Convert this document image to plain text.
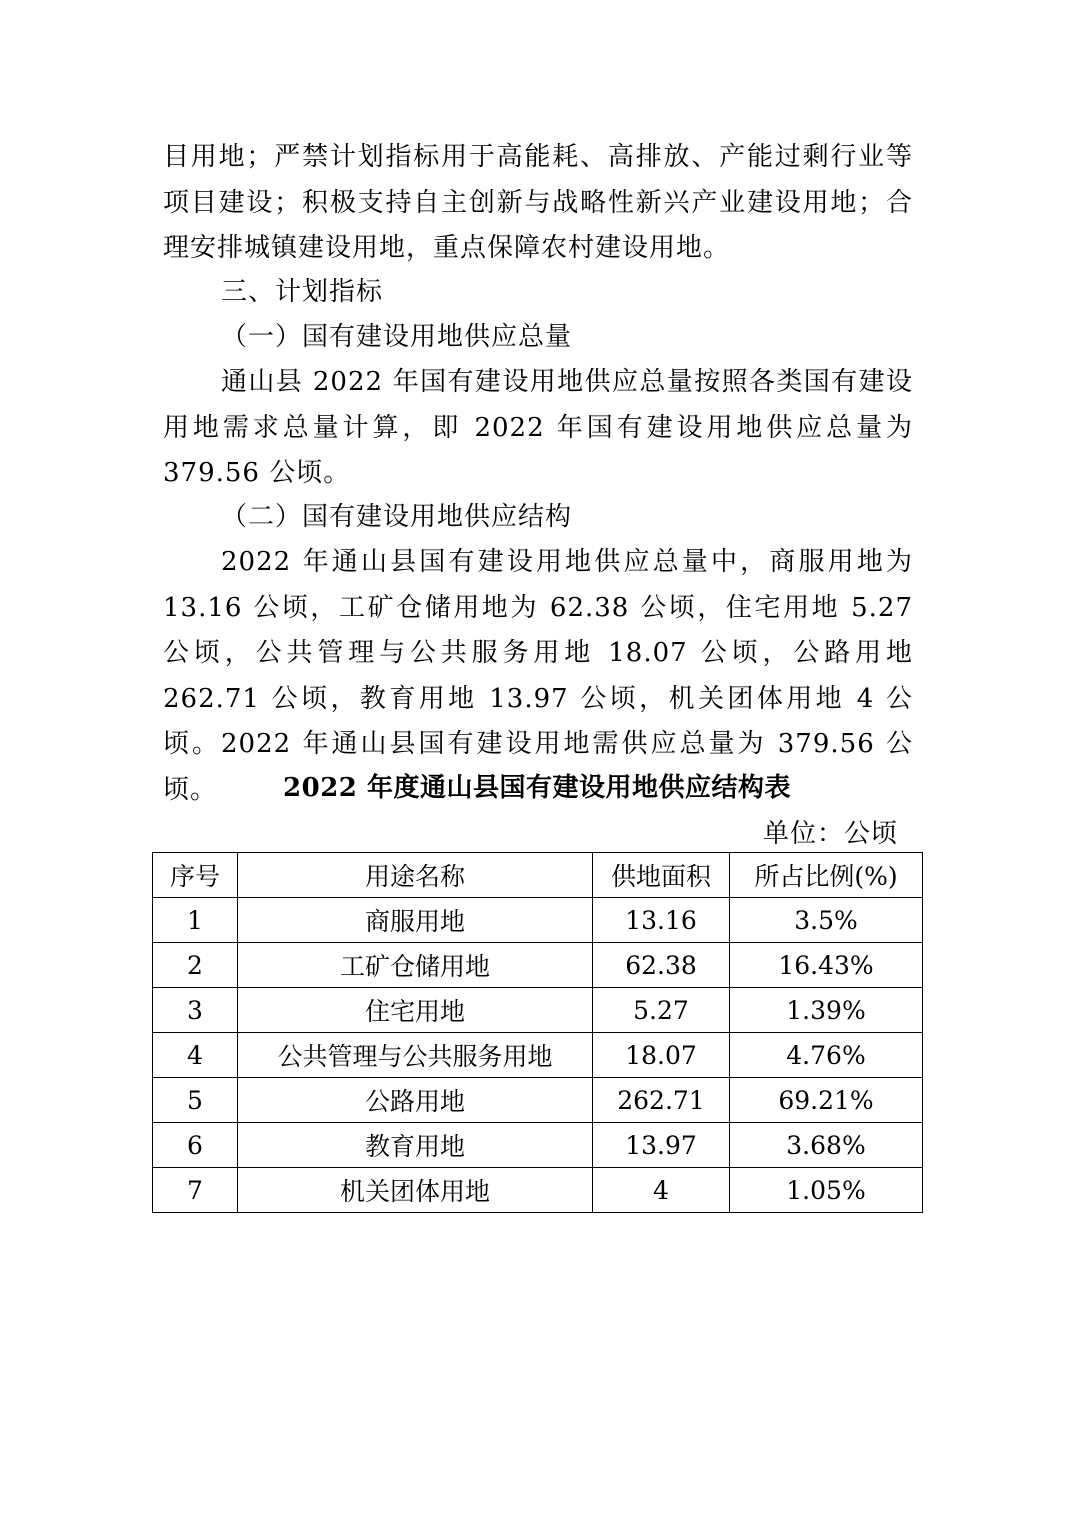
目用地；严禁计划指标用于高能耗、高排放、产能过剩行业等项目建设；积极支持自主创新与战略性新兴产业建设用地；合理安排城镇建设用地，重点保障农村建设用地。

三、计划指标

（一）国有建设用地供应总量

通山县 2022 年国有建设用地供应总量按照各类国有建设用地需求总量计算，即 2022 年国有建设用地供应总量为 379.56 公顷。

（二）国有建设用地供应结构

2022 年通山县国有建设用地供应总量中，商服用地为 13.16 公顷，工矿仓储用地为 62.38 公顷，住宅用地 5.27 公顷，公共管理与公共服务用地 18.07 公顷，公路用地 262.71 公顷，教育用地 13.97 公顷，机关团体用地 4 公顷。2022 年通山县国有建设用地需供应总量为 379.56 公顷。	2022 年度通山县国有建设用地供应结构表

单位：公顷

序号	用途名称	供地面积	所占比例(%)
1	商服用地	13.16	3.5%
2	工矿仓储用地	62.38	16.43%
3	住宅用地	5.27	1.39%
4	公共管理与公共服务用地	18.07	4.76%
5	公路用地	262.71	69.21%
6	教育用地	13.97	3.68%
7	机关团体用地	4	1.05%
